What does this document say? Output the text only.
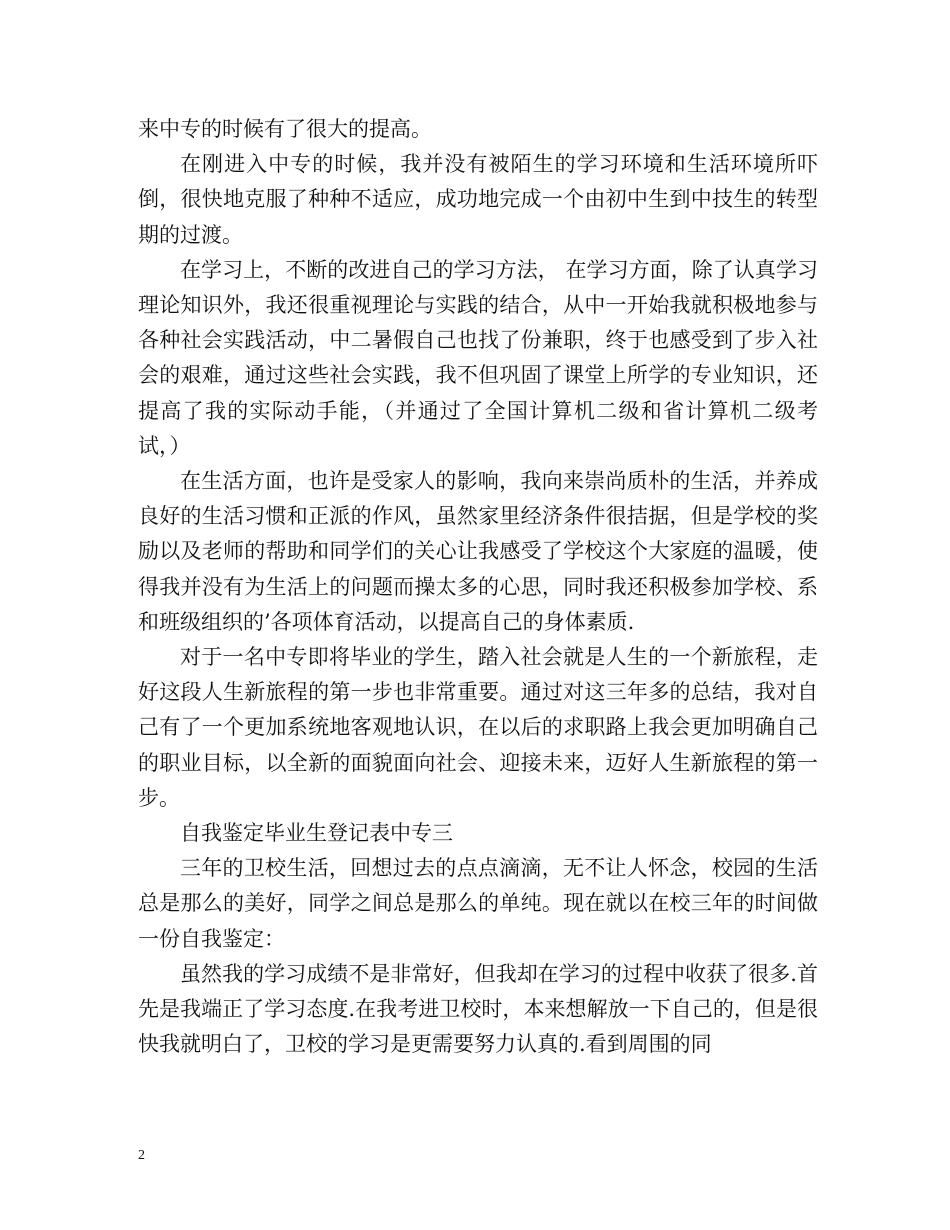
来中专的时候有了很大的提高。

在刚进入中专的时候，我并没有被陌生的学习环境和生活环境所吓倒，很快地克服了种种不适应，成功地完成一个由初中生到中技生的转型期的过渡。

在学习上，不断的改进自己的学习方法， 在学习方面，除了认真学习理论知识外，我还很重视理论与实践的结合，从中一开始我就积极地参与各种社会实践活动，中二暑假自己也找了份兼职，终于也感受到了步入社会的艰难，通过这些社会实践，我不但巩固了课堂上所学的专业知识，还提高了我的实际动手能，（并通过了全国计算机二级和省计算机二级考试，）

在生活方面，也许是受家人的影响，我向来崇尚质朴的生活，并养成良好的生活习惯和正派的作风，虽然家里经济条件很拮据，但是学校的奖励以及老师的帮助和同学们的关心让我感受了学校这个大家庭的温暖，使得我并没有为生活上的问题而操太多的心思，同时我还积极参加学校、系和班级组织的’各项体育活动，以提高自己的身体素质.

对于一名中专即将毕业的学生，踏入社会就是人生的一个新旅程，走好这段人生新旅程的第一步也非常重要。通过对这三年多的总结，我对自己有了一个更加系统地客观地认识，在以后的求职路上我会更加明确自己的职业目标，以全新的面貌面向社会、迎接未来，迈好人生新旅程的第一步。

自我鉴定毕业生登记表中专三

三年的卫校生活，回想过去的点点滴滴，无不让人怀念，校园的生活总是那么的美好，同学之间总是那么的单纯。现在就以在校三年的时间做一份自我鉴定：

虽然我的学习成绩不是非常好，但我却在学习的过程中收获了很多.首先是我端正了学习态度.在我考进卫校时，本来想解放一下自己的，但是很快我就明白了，卫校的学习是更需要努力认真的.看到周围的同

2
